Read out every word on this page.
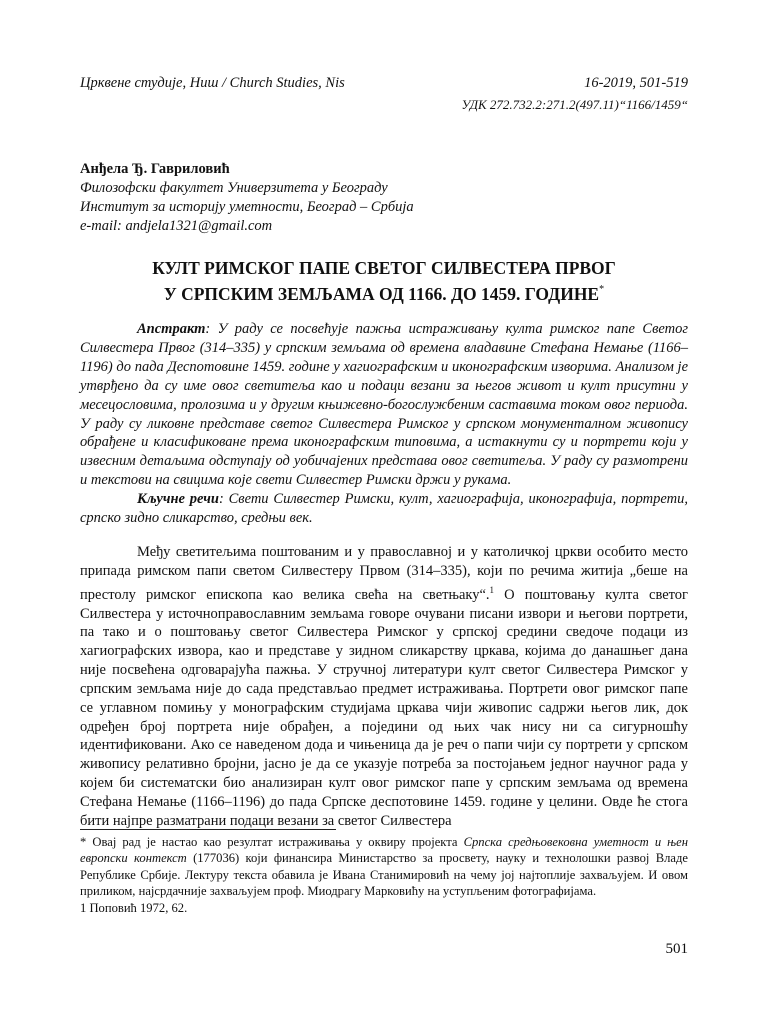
Црквене студије, Ниш / Church Studies, Nis	16-2019, 501-519
УДК 272.732.2:271.2(497.11)“1166/1459“
Анђела Ђ. Гавриловић
Филозофски факултет Универзитета у Београду
Институт за историју уметности, Београд – Србија
e-mail: andjela1321@gmail.com
КУЛТ РИМСКОГ ПАПЕ СВЕТОГ СИЛВЕСТЕРА ПРВОГ
У СРПСКИМ ЗЕМЉАМА ОД 1166. ДО 1459. ГОДИНЕ*

Апстракт: У раду се посвећује пажња истраживању култа римског папе Светог Силвестера Првог (314–335) у српским земљама од времена владавине Стефана Немање (1166–1196) до пада Деспотовине 1459. године у хагиографским и иконографским изворима. Анализом је утврђено да су имe овог светитеља као и подаци везани за његов живот и култ присутни у месецословима, пролозима и у другим књижевно-богослужбеним саставима током овог периода. У раду су ликовне представе светог Силвестера Римског у српском монументалном живопису обрађене и класификоване према иконографским типовима, а истакнути су и портрети који у извесним детаљима одступају од уобичајених представа овог светитеља. У раду су размотрени и текстови на свицима које свети Силвестер Римски држи у рукама.

Кључне речи: Свети Силвестер Римски, култ, хагиографија, иконографија, портрети, српско зидно сликарство, средњи век.

Међу светитељима поштованим и у православној и у католичкој цркви особито место припада римском папи светом Силвестеру Првом (314–335), који по речима житија „беше на престолу римског епископа као велика свећа на светњаку“.$^1$ О поштовању култа светог Силвестера у источноправославним земљама говоре очувани писани извори и његови портрети, па тако и о поштовању светог Силвестера Римског у српској средини сведоче подаци из хагиографских извора, као и представе у зидном сликарству цркава, којима до данашњег дана није посвећена одговарајућа пажња. У стручној литератури култ светог Силвестера Римског у српским земљама није до сада представљао предмет истраживања. Портрети овог римског папе се углавном помињу у монографским студијама цркава чији живопис садржи његов лик, док одређен број портрета није обрађен, а поједини од њих чак нису ни са сигурношћу идентификовани. Ако се наведеном дода и чињеница да је реч о папи чији су портрети у српском живопису релативно бројни, јасно је да се указује потреба за постојањем једног научног рада у којем би систематски био анализиран култ овог римског папе у српским земљама од времена Стефана Немање (1166–1196) до пада Српске деспотовине 1459. године у целини. Овде ће стога бити најпре разматрани подаци везани за светог Силвестера

* Овај рад је настао као резултат истраживања у оквиру пројекта Српска средњовековна уметност и њен европски контекст (177036) који финансира Министарство за просвету, науку и технолошки развој Владе Републике Србије. Лектуру текста обавила је Ивана Станимировић на чему јој најтоплије захваљујем. И овом приликом, најсрдачније захваљујем проф. Миодрагу Марковићу на уступљеним фотографијама.

1 Поповић 1972, 62.

501
